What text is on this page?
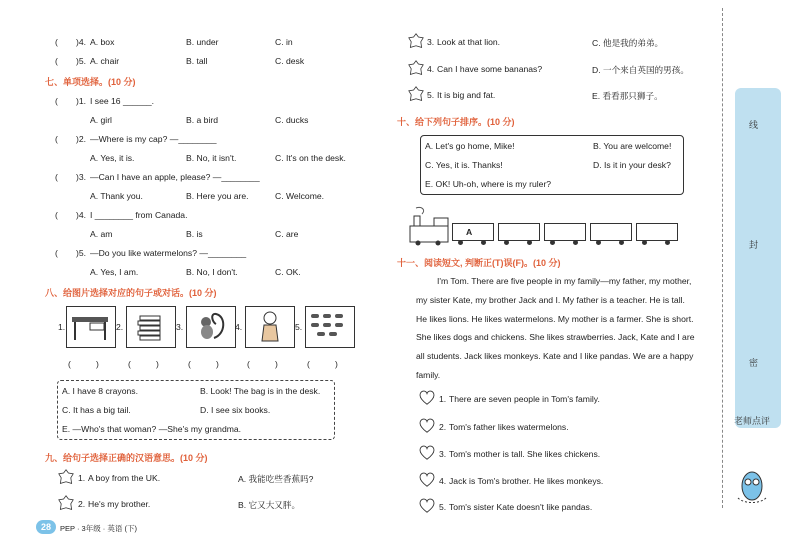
( )4. A. box	B. under	C. in
( )5. A. chair	B. tall	C. desk
七、单项选择。(10 分)
( )1. I see 16 ______.
A. girl	B. a bird	C. ducks
( )2. —Where is my cap? —________
A. Yes, it is.	B. No, it isn't.	C. It's on the desk.
( )3. —Can I have an apple, please? —________
A. Thank you.	B. Here you are.	C. Welcome.
( )4. I ________ from Canada.
A. am	B. is	C. are
( )5. —Do you like watermelons? —________
A. Yes, I am.	B. No, I don't.	C. OK.
八、给图片选择对应的句子或对话。(10 分)
1.
(	)
2.
(	)
3.
(	)
4.
(	)
5.
(	)
A. I have 8 crayons.	B. Look! The bag is in the desk.
C. It has a big tail.	D. I see six books.
E. —Who's that woman? —She's my grandma.
九、给句子选择正确的汉语意思。(10 分)
1. A boy from the UK.	A. 我能吃些香蕉吗?
2. He's my brother.	B. 它又大又胖。
28	PEP · 3年级 · 英语 (下)
3. Look at that lion.	C. 他是我的弟弟。
4. Can I have some bananas?	D. 一个来自英国的男孩。
5. It is big and fat.	E. 看看那只狮子。
十、给下列句子排序。(10 分)
A. Let's go home, Mike!	B. You are welcome!
C. Yes, it is. Thanks!	D. Is it in your desk?
E. OK! Uh-oh, where is my ruler?
A
十一、阅读短文, 判断正(T)误(F)。(10 分)
I'm Tom. There are five people in my family—my father, my mother,
my sister Kate, my brother Jack and I. My father is a teacher. He is tall.
He likes lions. He likes watermelons. My mother is a farmer. She is short.
She likes dogs and chickens. She likes strawberries. Jack, Kate and I are
all students. Jack likes monkeys. Kate and I like pandas. We are a happy
family.
1. There are seven people in Tom's family.
2. Tom's father likes watermelons.
3. Tom's mother is tall. She likes chickens.
4. Jack is Tom's brother. He likes monkeys.
5. Tom's sister Kate doesn't like pandas.
线
封
密
老师点评
